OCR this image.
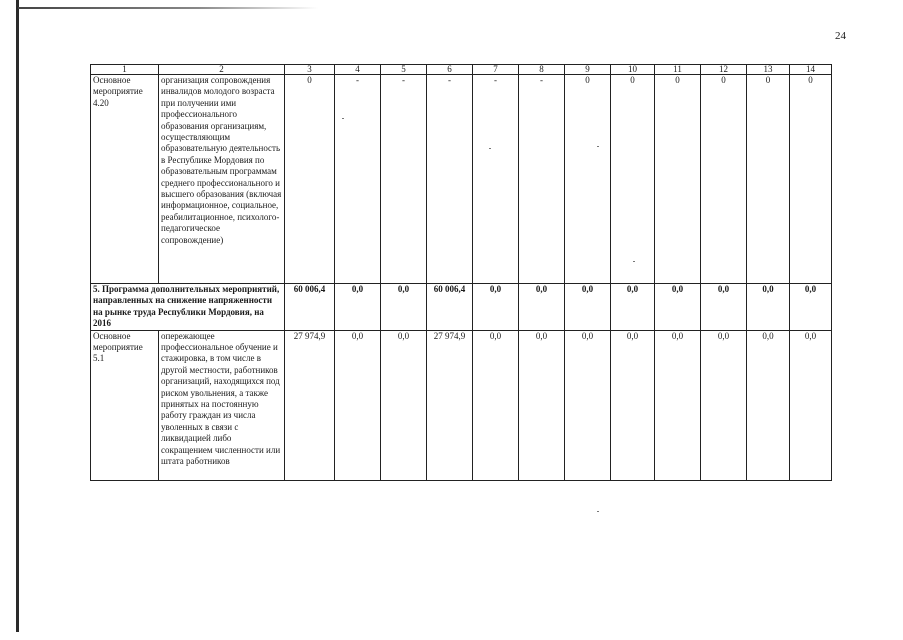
24
1	2	3	4	5	6	7	8	9	10	11	12	13	14
Основное мероприятие 4.20	организация сопровождения инвалидов молодого возраста при получении ими профессионального образования организациям, осуществляющим образовательную деятельность в Республике Мордовия по образовательным программам среднего профессионального и высшего образования (включая информационное, социальное, реабилитационное, психолого-педагогическое сопровождение)	0	-	-	-	-	-	0	0	0	0	0	0
5. Программа дополнительных мероприятий, направленных на снижение напряженности на рынке труда Республики Мордовия, на 2016		60 006,4	0,0	0,0	60 006,4	0,0	0,0	0,0	0,0	0,0	0,0	0,0	0,0
Основное мероприятие 5.1	опережающее профессиональное обучение и стажировка, в том числе в другой местности, работников организаций, находящихся под риском увольнения, а также принятых на постоянную работу граждан из числа уволенных в связи с ликвидацией либо сокращением численности или штата работников	27 974,9	0,0	0,0	27 974,9	0,0	0,0	0,0	0,0	0,0	0,0	0,0	0,0
